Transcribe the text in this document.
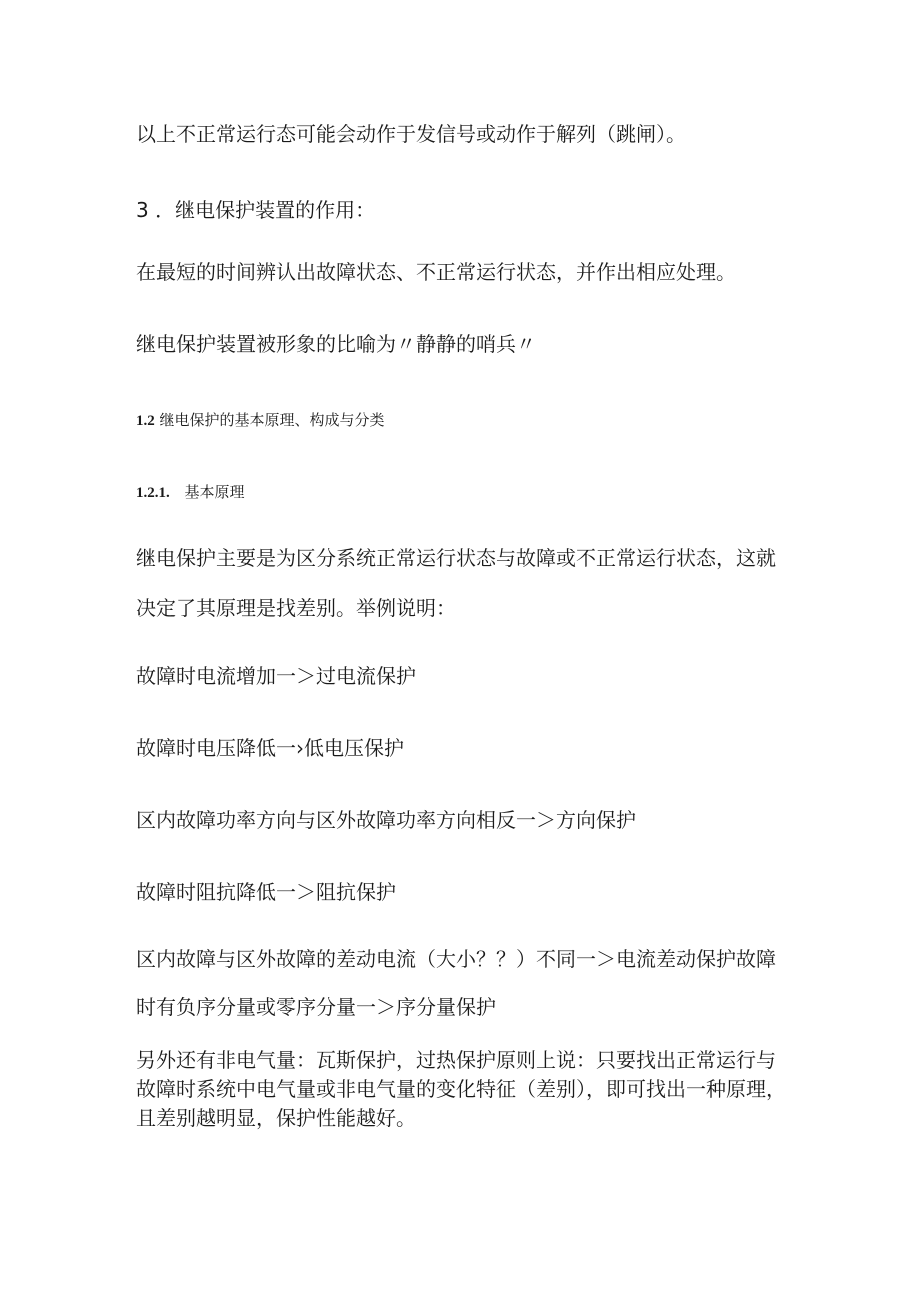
以上不正常运行态可能会动作于发信号或动作于解列（跳闸）。
3 ．继电保护装置的作用：
在最短的时间辨认出故障状态、不正常运行状态，并作出相应处理。
继电保护装置被形象的比喻为〃静静的哨兵〃
1.2 继电保护的基本原理、构成与分类
1.2.1. 基本原理
继电保护主要是为区分系统正常运行状态与故障或不正常运行状态，这就
决定了其原理是找差别。举例说明：
故障时电流增加一＞过电流保护
故障时电压降低一›低电压保护
区内故障功率方向与区外故障功率方向相反一＞方向保护
故障时阻抗降低一＞阻抗保护
区内故障与区外故障的差动电流（大小？？）不同一＞电流差动保护故障
时有负序分量或零序分量一＞序分量保护
另外还有非电气量：瓦斯保护，过热保护原则上说：只要找出正常运行与故障时系统中电气量或非电气量的变化特征（差别），即可找出一种原理，且差别越明显，保护性能越好。
